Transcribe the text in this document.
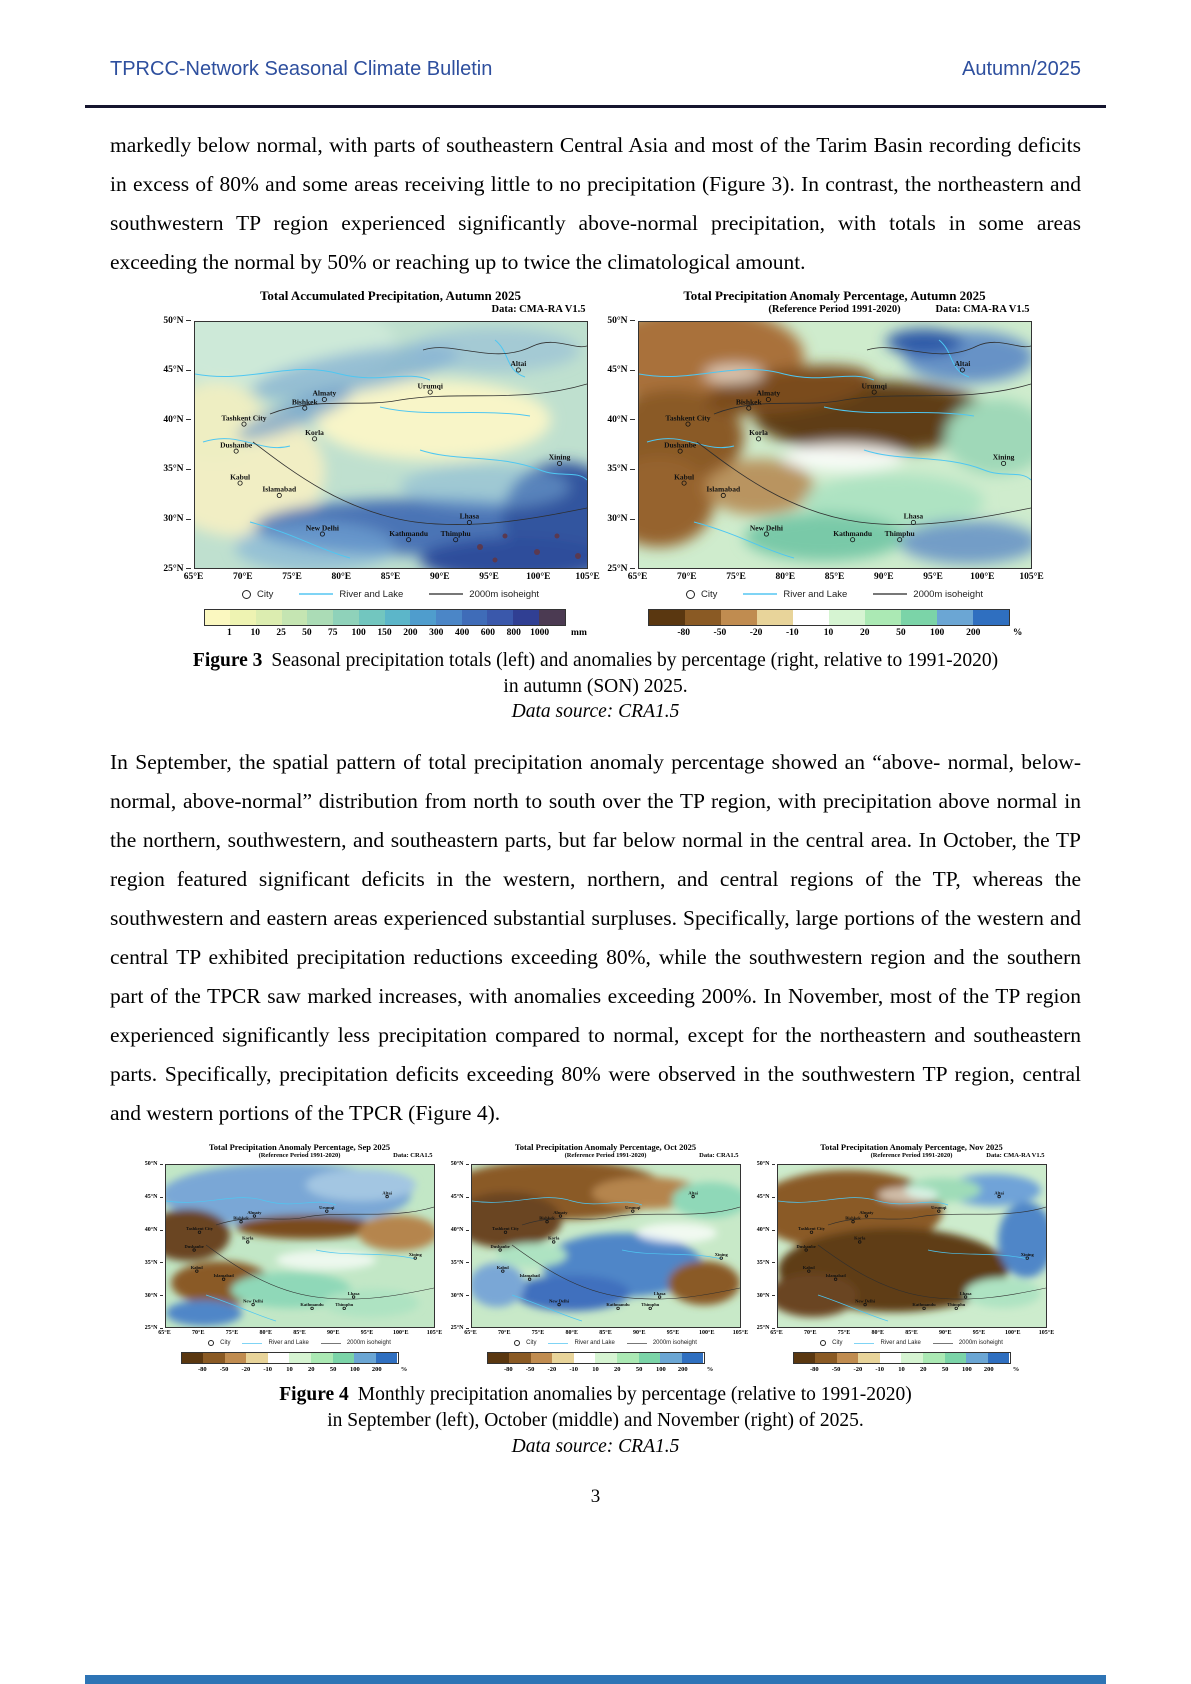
TPRCC-Network Seasonal Climate Bulletin	Autumn/2025

markedly below normal, with parts of southeastern Central Asia and most of the Tarim Basin recording deficits in excess of 80% and some areas receiving little to no precipitation (Figure 3). In contrast, the northeastern and southwestern TP region experienced significantly above-normal precipitation, with totals in some areas exceeding the normal by 50% or reaching up to twice the climatological amount.

Total Accumulated Precipitation, Autumn 2025
Data: CMA-RA V1.5
50°N
45°N
40°N
35°N
30°N
25°N
Tashkent City
Bishkek
Almaty
Dushanbe
Korla
Urumqi
Altai
Kabul
Islamabad
Xining
Lhasa
New Delhi
Kathmandu Thimphu
65°E	70°E	75°E	80°E	85°E	90°E	95°E	100°E	105°E
City	River and Lake	2000m isoheight
1 10 25 50 75 100 150 200 300 400 600 800 1000 mm
Total Precipitation Anomaly Percentage, Autumn 2025
(Reference Period 1991-2020)	Data: CMA-RA V1.5
50°N
45°N
40°N
35°N
30°N
25°N
Tashkent City
Bishkek
Almaty
Dushanbe
Korla
Urumqi
Altai
Kabul
Islamabad
Xining
Lhasa
New Delhi
Kathmandu Thimphu
65°E	70°E	75°E	80°E	85°E	90°E	95°E	100°E	105°E
City	River and Lake	2000m isoheight
-80 -50 -20 -10	10	20	50	100 200	%
Figure 3 Seasonal precipitation totals (left) and anomalies by percentage (right, relative to 1991-2020)
in autumn (SON) 2025.
Data source: CRA1.5

In September, the spatial pattern of total precipitation anomaly percentage showed an “above- normal, below-normal, above-normal” distribution from north to south over the TP region, with precipitation above normal in the northern, southwestern, and southeastern parts, but far below normal in the central area. In October, the TP region featured significant deficits in the western, northern, and central regions of the TP, whereas the southwestern and eastern areas experienced substantial surpluses. Specifically, large portions of the western and central TP exhibited precipitation reductions exceeding 80%, while the southwestern region and the southern part of the TPCR saw marked increases, with anomalies exceeding 200%. In November, most of the TP region experienced significantly less precipitation compared to normal, except for the northeastern and southeastern parts. Specifically, precipitation deficits exceeding 80% were observed in the southwestern TP region, central and western portions of the TPCR (Figure 4).

Total Precipitation Anomaly Percentage, Sep 2025
(Reference Period 1991-2020)	Data: CRA1.5
50°N
45°N
40°N
35°N
30°N
25°N
Tashkent City
Bishkek
Almaty
Dushanbe
Korla
Urumqi
Altai
Kabul
Islamabad
Xining
Lhasa
New Delhi
Kathmandu	Thimphu
65°E	70°E	75°E	80°E	85°E	90°E	95°E	100°E	105°E
City	River and Lake	2000m isoheight
-80 -50 -20 -10 10 20 50 100 200	%
Total Precipitation Anomaly Percentage, Oct 2025
(Reference Period 1991-2020)	Data: CRA1.5
50°N
45°N
40°N
35°N
30°N
25°N
Tashkent City
Bishkek
Almaty
Dushanbe
Korla
Urumqi
Altai
Kabul
Islamabad
Xining
Lhasa
New Delhi
Kathmandu	Thimphu
65°E	70°E	75°E	80°E	85°E	90°E	95°E	100°E	105°E
City	River and Lake	2000m isoheight
-80 -50 -20 -10 10 20 50 100 200	%
Total Precipitation Anomaly Percentage, Nov 2025
(Reference Period 1991-2020)	Data: CMA-RA V1.5
50°N
45°N
40°N
35°N
30°N
25°N
Tashkent City
Bishkek
Almaty
Dushanbe
Korla
Urumqi
Altai
Kabul
Islamabad
Xining
Lhasa
New Delhi
Kathmandu	Thimphu
65°E	70°E	75°E	80°E	85°E	90°E	95°E	100°E	105°E
City	River and Lake	2000m isoheight
-80 -50 -20 -10 10 20 50 100 200	%
Figure 4 Monthly precipitation anomalies by percentage (relative to 1991-2020)
in September (left), October (middle) and November (right) of 2025.
Data source: CRA1.5
3
